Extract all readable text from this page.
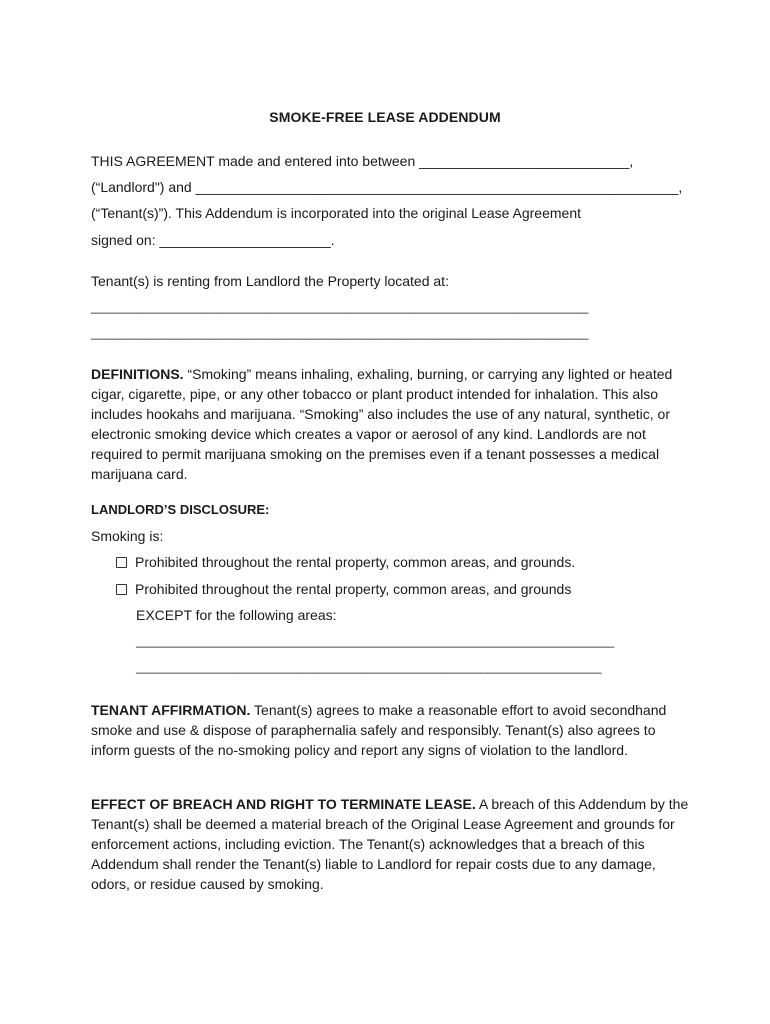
SMOKE-FREE LEASE ADDENDUM
THIS AGREEMENT made and entered into between ___________________________,
(“Landlord") and ______________________________________________________________,
(“Tenant(s)”). This Addendum is incorporated into the original Lease Agreement
signed on: ______________________.
Tenant(s) is renting from Landlord the Property located at:
______________________________________________________________________________
______________________________________________________________________________
DEFINITIONS. “Smoking” means inhaling, exhaling, burning, or carrying any lighted or heated cigar, cigarette, pipe, or any other tobacco or plant product intended for inhalation. This also includes hookahs and marijuana. “Smoking” also includes the use of any natural, synthetic, or electronic smoking device which creates a vapor or aerosol of any kind. Landlords are not required to permit marijuana smoking on the premises even if a tenant possesses a medical marijuana card.
LANDLORD’S DISCLOSURE:
Smoking is:
Prohibited throughout the rental property, common areas, and grounds.
Prohibited throughout the rental property, common areas, and grounds
EXCEPT for the following areas:
___________________________________________________________________________
_________________________________________________________________________
TENANT AFFIRMATION. Tenant(s) agrees to make a reasonable effort to avoid secondhand smoke and use & dispose of paraphernalia safely and responsibly. Tenant(s) also agrees to inform guests of the no-smoking policy and report any signs of violation to the landlord.
EFFECT OF BREACH AND RIGHT TO TERMINATE LEASE. A breach of this Addendum by the Tenant(s) shall be deemed a material breach of the Original Lease Agreement and grounds for enforcement actions, including eviction. The Tenant(s) acknowledges that a breach of this Addendum shall render the Tenant(s) liable to Landlord for repair costs due to any damage, odors, or residue caused by smoking.
